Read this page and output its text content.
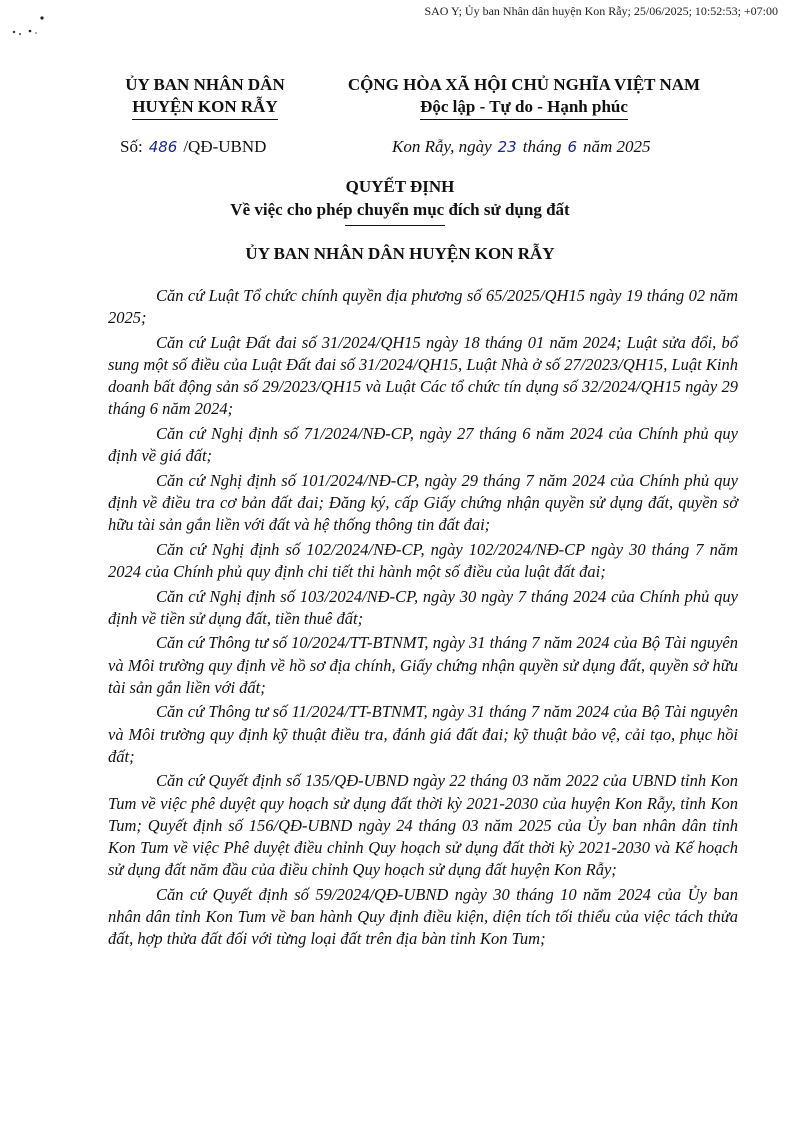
SAO Y; Ủy ban Nhân dân huyện Kon Rẫy; 25/06/2025; 10:52:53; +07:00
ỦY BAN NHÂN DÂN
HUYỆN KON RẪY
CỘNG HÒA XÃ HỘI CHỦ NGHĨA VIỆT NAM
Độc lập - Tự do - Hạnh phúc
Số: 486 /QĐ-UBND	Kon Rẫy, ngày 23 tháng 6 năm 2025
QUYẾT ĐỊNH
Về việc cho phép chuyển mục đích sử dụng đất
ỦY BAN NHÂN DÂN HUYỆN KON RẪY

Căn cứ Luật Tổ chức chính quyền địa phương số 65/2025/QH15 ngày 19 tháng 02 năm 2025;

Căn cứ Luật Đất đai số 31/2024/QH15 ngày 18 tháng 01 năm 2024; Luật sửa đổi, bổ sung một số điều của Luật Đất đai số 31/2024/QH15, Luật Nhà ở số 27/2023/QH15, Luật Kinh doanh bất động sản số 29/2023/QH15 và Luật Các tổ chức tín dụng số 32/2024/QH15 ngày 29 tháng 6 năm 2024;

Căn cứ Nghị định số 71/2024/NĐ-CP, ngày 27 tháng 6 năm 2024 của Chính phủ quy định về giá đất;

Căn cứ Nghị định số 101/2024/NĐ-CP, ngày 29 tháng 7 năm 2024 của Chính phủ quy định về điều tra cơ bản đất đai; Đăng ký, cấp Giấy chứng nhận quyền sử dụng đất, quyền sở hữu tài sản gắn liền với đất và hệ thống thông tin đất đai;

Căn cứ Nghị định số 102/2024/NĐ-CP, ngày 102/2024/NĐ-CP ngày 30 tháng 7 năm 2024 của Chính phủ quy định chi tiết thi hành một số điều của luật đất đai;

Căn cứ Nghị định số 103/2024/NĐ-CP, ngày 30 ngày 7 tháng 2024 của Chính phủ quy định về tiền sử dụng đất, tiền thuê đất;

Căn cứ Thông tư số 10/2024/TT-BTNMT, ngày 31 tháng 7 năm 2024 của Bộ Tài nguyên và Môi trường quy định về hồ sơ địa chính, Giấy chứng nhận quyền sử dụng đất, quyền sở hữu tài sản gắn liền với đất;

Căn cứ Thông tư số 11/2024/TT-BTNMT, ngày 31 tháng 7 năm 2024 của Bộ Tài nguyên và Môi trường quy định kỹ thuật điều tra, đánh giá đất đai; kỹ thuật bảo vệ, cải tạo, phục hồi đất;

Căn cứ Quyết định số 135/QĐ-UBND ngày 22 tháng 03 năm 2022 của UBND tỉnh Kon Tum về việc phê duyệt quy hoạch sử dụng đất thời kỳ 2021-2030 của huyện Kon Rẫy, tỉnh Kon Tum; Quyết định số 156/QĐ-UBND ngày 24 tháng 03 năm 2025 của Ủy ban nhân dân tỉnh Kon Tum về việc Phê duyệt điều chỉnh Quy hoạch sử dụng đất thời kỳ 2021-2030 và Kế hoạch sử dụng đất năm đầu của điều chỉnh Quy hoạch sử dụng đất huyện Kon Rẫy;

Căn cứ Quyết định số 59/2024/QĐ-UBND ngày 30 tháng 10 năm 2024 của Ủy ban nhân dân tỉnh Kon Tum về ban hành Quy định điều kiện, diện tích tối thiểu của việc tách thửa đất, hợp thửa đất đối với từng loại đất trên địa bàn tỉnh Kon Tum;
